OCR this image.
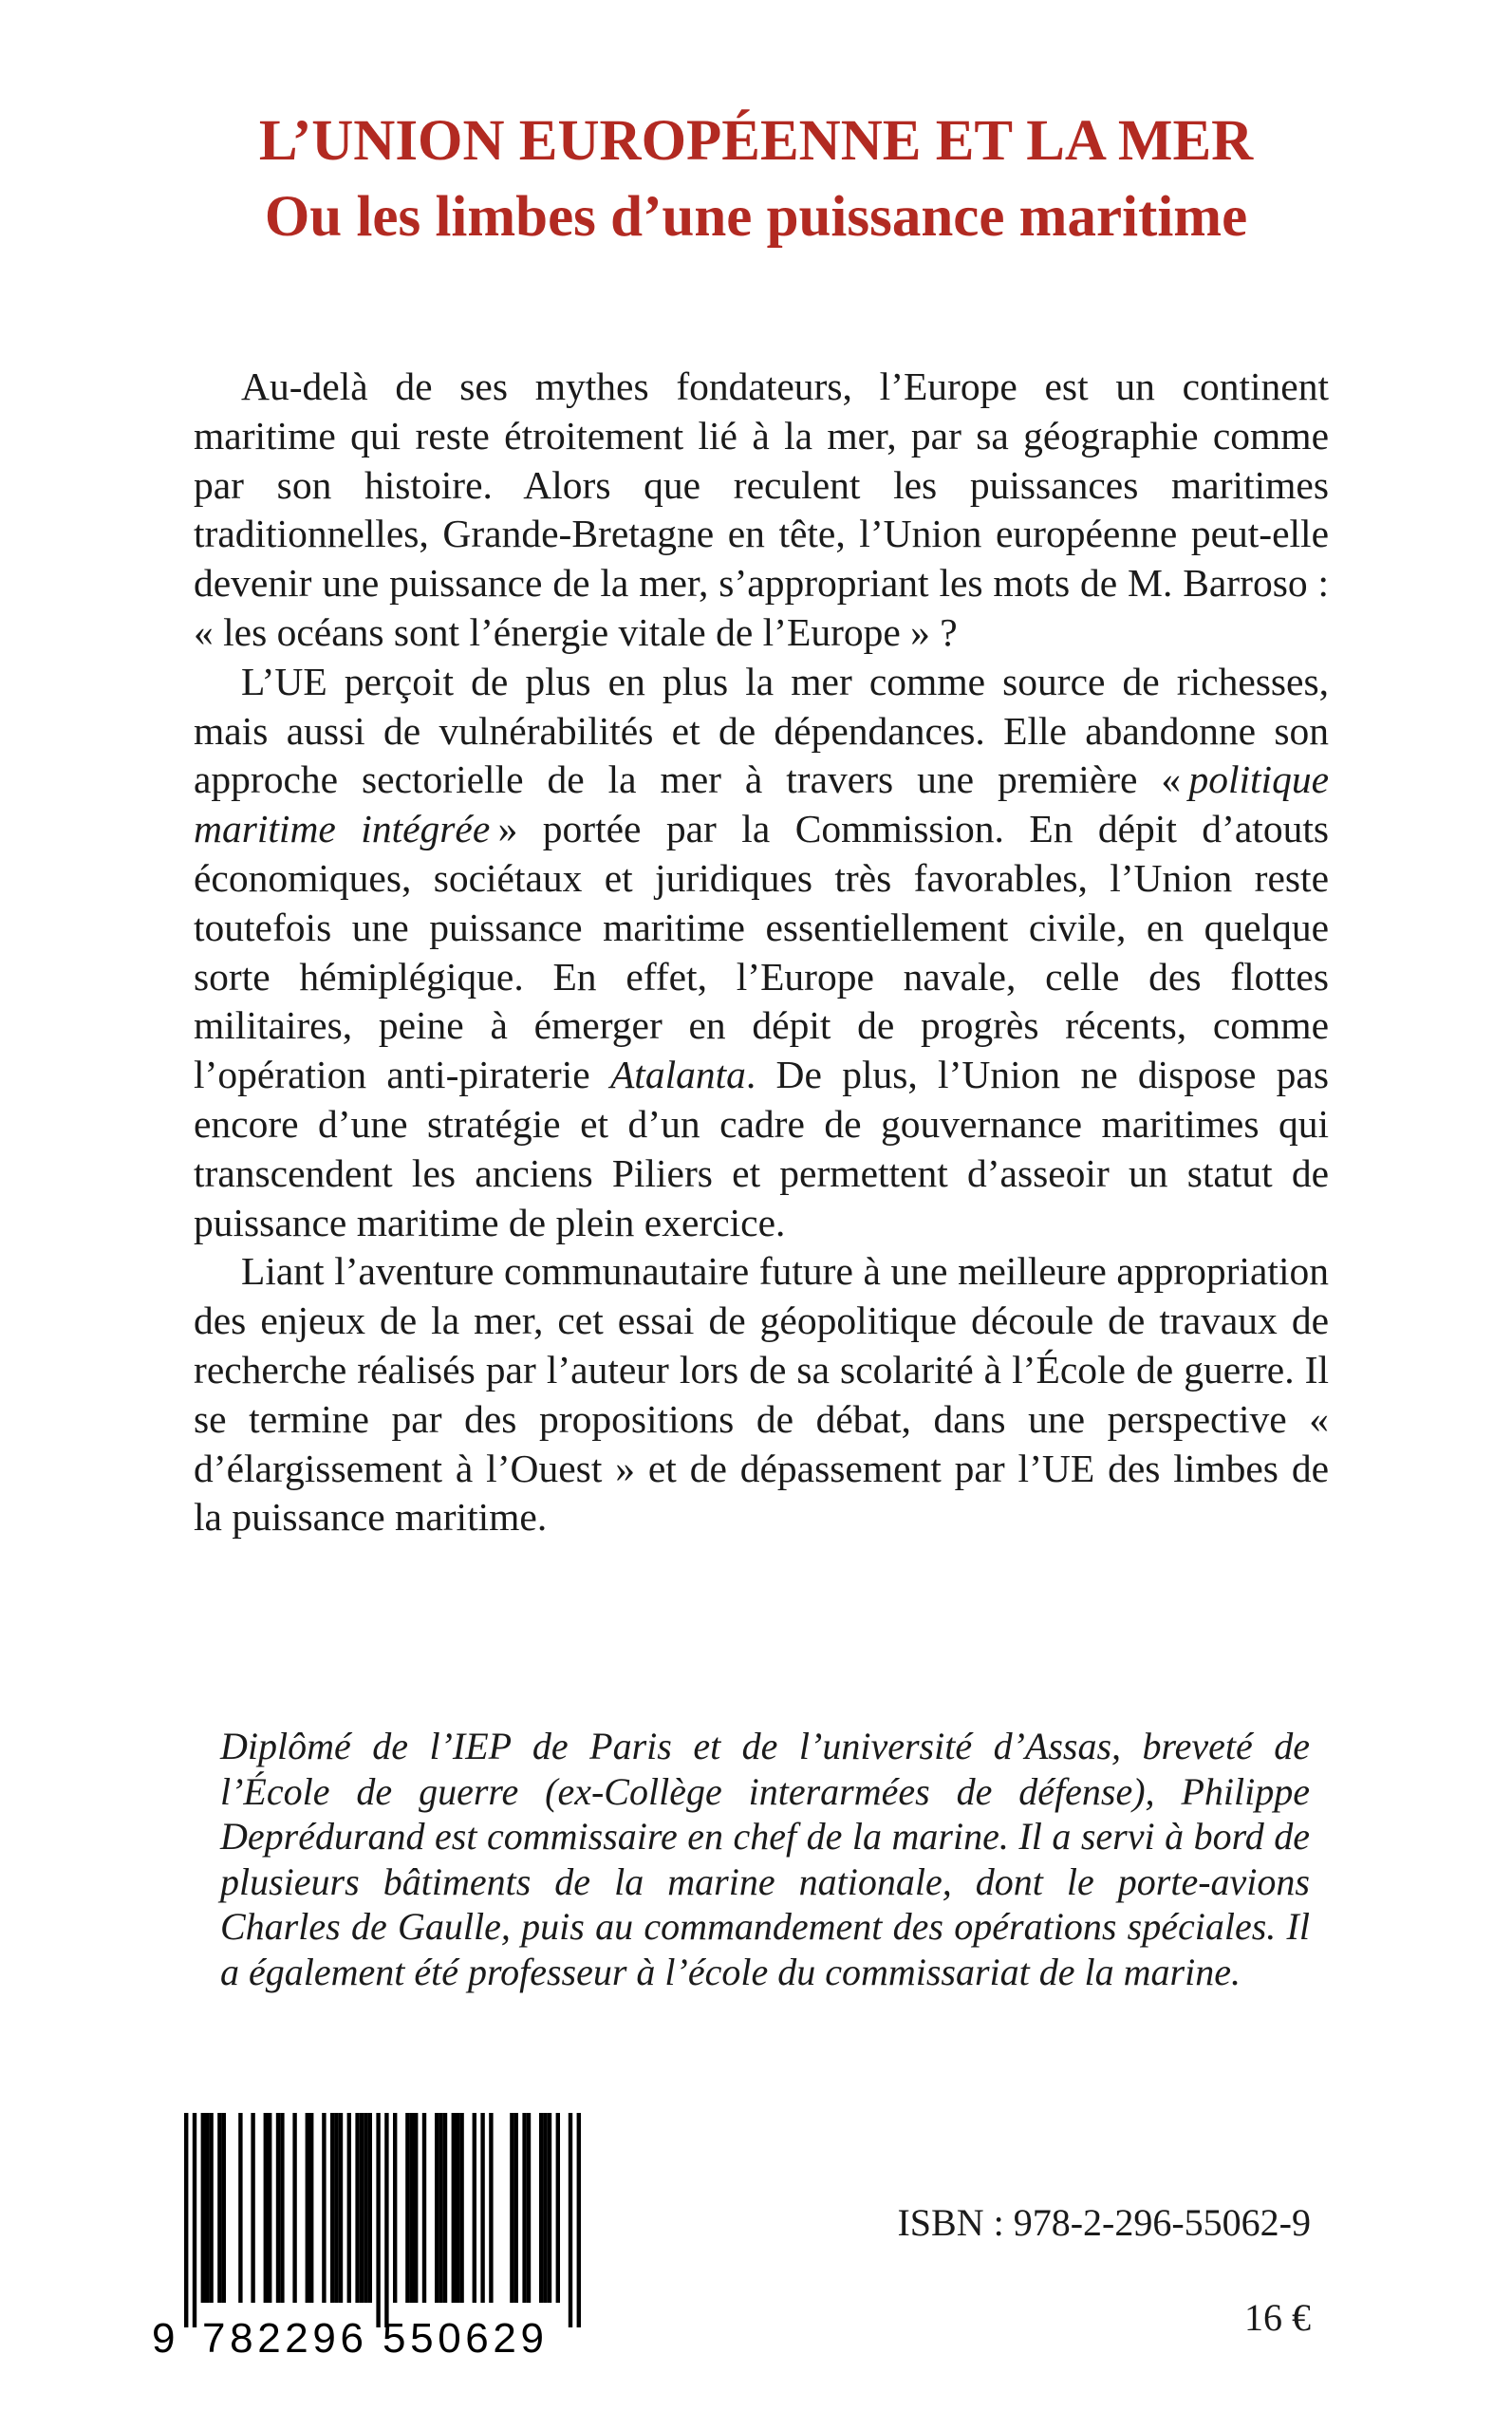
L’UNION EUROPÉENNE ET LA MER
Ou les limbes d’une puissance maritime

Au-delà de ses mythes fondateurs, l’Europe est un continent maritime qui reste étroitement lié à la mer, par sa géographie comme par son histoire. Alors que reculent les puissances maritimes traditionnelles, Grande-Bretagne en tête, l’Union européenne peut-elle devenir une puissance de la mer, s’appropriant les mots de M. Barroso : « les océans sont l’énergie vitale de l’Europe » ?

L’UE perçoit de plus en plus la mer comme source de richesses, mais aussi de vulnérabilités et de dépendances. Elle abandonne son approche sectorielle de la mer à travers une première «  politique maritime intégrée  » portée par la Commission. En dépit d’atouts économiques, sociétaux et juridiques très favorables, l’Union reste toutefois une puissance maritime essentiellement civile, en quelque sorte hémiplégique. En effet, l’Europe navale, celle des flottes militaires, peine à émerger en dépit de progrès récents, comme l’opération anti-piraterie Atalanta. De plus, l’Union ne dispose pas encore d’une stratégie et d’un cadre de gouvernance maritimes qui transcendent les anciens Piliers et permettent d’asseoir un statut de puissance maritime de plein exercice.

Liant l’aventure communautaire future à une meilleure appropriation des enjeux de la mer, cet essai de géopolitique découle de travaux de recherche réalisés par l’auteur lors de sa scolarité à l’École de guerre. Il se termine par des propositions de débat, dans une perspective « d’élargissement à l’Ouest » et de dépassement par l’UE des limbes de la puissance maritime.

Diplômé de l’IEP de Paris et de l’université d’Assas, breveté de l’École de guerre (ex-Collège interarmées de défense), Philippe Deprédurand est commissaire en chef de la marine. Il a servi à bord de plusieurs bâtiments de la marine nationale, dont le porte-avions Charles de Gaulle, puis au commandement des opérations spéciales. Il a également été professeur à l’école du commissariat de la marine.

9 782296 550629

ISBN : 978-2-296-55062-9

16 €
